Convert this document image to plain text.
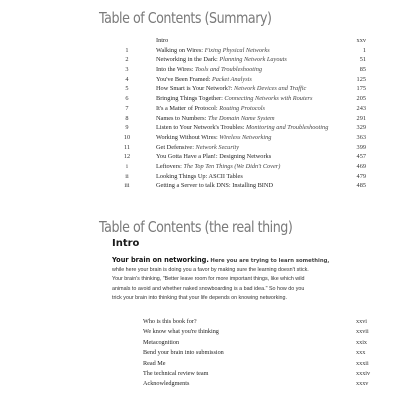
Table of Contents (Summary)
Intro	xxv
1	Walking on Wires: Fixing Physical Networks	1
2	Networking in the Dark: Planning Network Layouts	51
3	Into the Wires: Tools and Troubleshooting	85
4	You've Been Framed: Packet Analysis	125
5	How Smart is Your Network?: Network Devices and Traffic	175
6	Bringing Things Together: Connecting Networks with Routers	205
7	It's a Matter of Protocol: Routing Protocols	243
8	Names to Numbers: The Domain Name System	291
9	Listen to Your Network's Troubles: Monitoring and Troubleshooting	329
10	Working Without Wires: Wireless Networking	363
11	Get Defensive: Network Security	399
12	You Gotta Have a Plan!: Designing Networks	457
i	Leftovers: The Top Ten Things (We Didn't Cover)	469
ii	Looking Things Up: ASCII Tables	479
iii	Getting a Server to talk DNS: Installing BIND	485
Table of Contents (the real thing)
Intro
Your brain on networking. Here you are trying to learn something,
while here your brain is doing you a favor by making sure the learning doesn't stick.
Your brain's thinking, "Better leave room for more important things, like which wild
animals to avoid and whether naked snowboarding is a bad idea." So how do you
trick your brain into thinking that your life depends on knowing networking.
Who is this book for?	xxvi
We know what you're thinking	xxvii
Metacognition	xxix
Bend your brain into submission	xxx
Read Me	xxxii
The technical review team	xxxiv
Acknowledgments	xxxv
